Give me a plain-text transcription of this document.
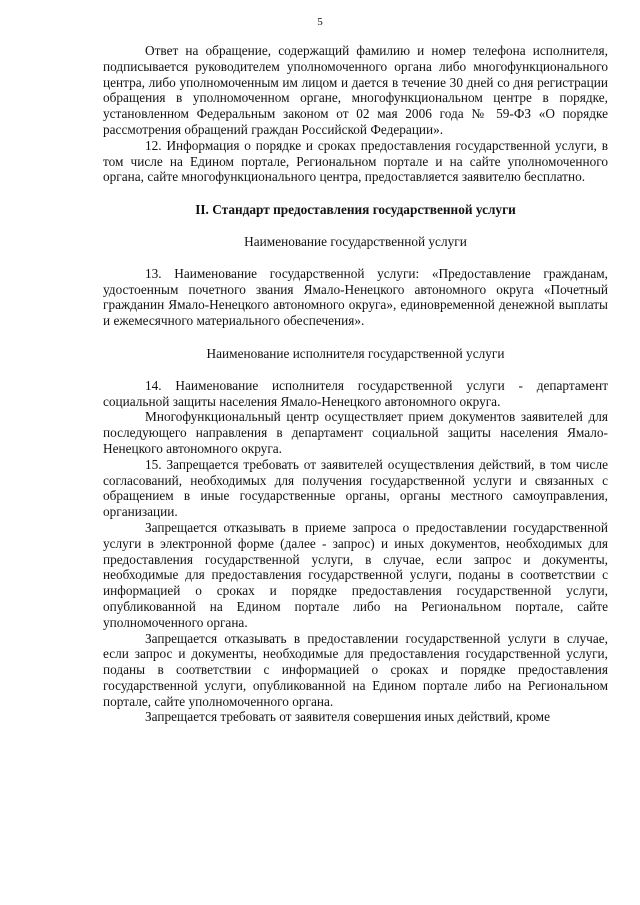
5

Ответ на обращение, содержащий фамилию и номер телефона исполнителя, подписывается руководителем уполномоченного органа либо многофункционального центра, либо уполномоченным им лицом и дается в течение 30 дней со дня регистрации обращения в уполномоченном органе, многофункциональном центре в порядке, установленном Федеральным законом от 02 мая 2006 года № 59-ФЗ «О порядке рассмотрения обращений граждан Российской Федерации».

12. Информация о порядке и сроках предоставления государственной услуги, в том числе на Едином портале, Региональном портале и на сайте уполномоченного органа, сайте многофункционального центра, предоставляется заявителю бесплатно.

II. Стандарт предоставления государственной услуги

Наименование государственной услуги

13. Наименование государственной услуги: «Предоставление гражданам, удостоенным почетного звания Ямало-Ненецкого автономного округа «Почетный гражданин Ямало-Ненецкого автономного округа», единовременной денежной выплаты и ежемесячного материального обеспечения».

Наименование исполнителя государственной услуги

14. Наименование исполнителя государственной услуги - департамент социальной защиты населения Ямало-Ненецкого автономного округа.

Многофункциональный центр осуществляет прием документов заявителей для последующего направления в департамент социальной защиты населения Ямало-Ненецкого автономного округа.

15. Запрещается требовать от заявителей осуществления действий, в том числе согласований, необходимых для получения государственной услуги и связанных с обращением в иные государственные органы, органы местного самоуправления, организации.

Запрещается отказывать в приеме запроса о предоставлении государственной услуги в электронной форме (далее - запрос) и иных документов, необходимых для предоставления государственной услуги, в случае, если запрос и документы, необходимые для предоставления государственной услуги, поданы в соответствии с информацией о сроках и порядке предоставления государственной услуги, опубликованной на Едином портале либо на Региональном портале, сайте уполномоченного органа.

Запрещается отказывать в предоставлении государственной услуги в случае, если запрос и документы, необходимые для предоставления государственной услуги, поданы в соответствии с информацией о сроках и порядке предоставления государственной услуги, опубликованной на Едином портале либо на Региональном портале, сайте уполномоченного органа.

Запрещается требовать от заявителя совершения иных действий, кроме
